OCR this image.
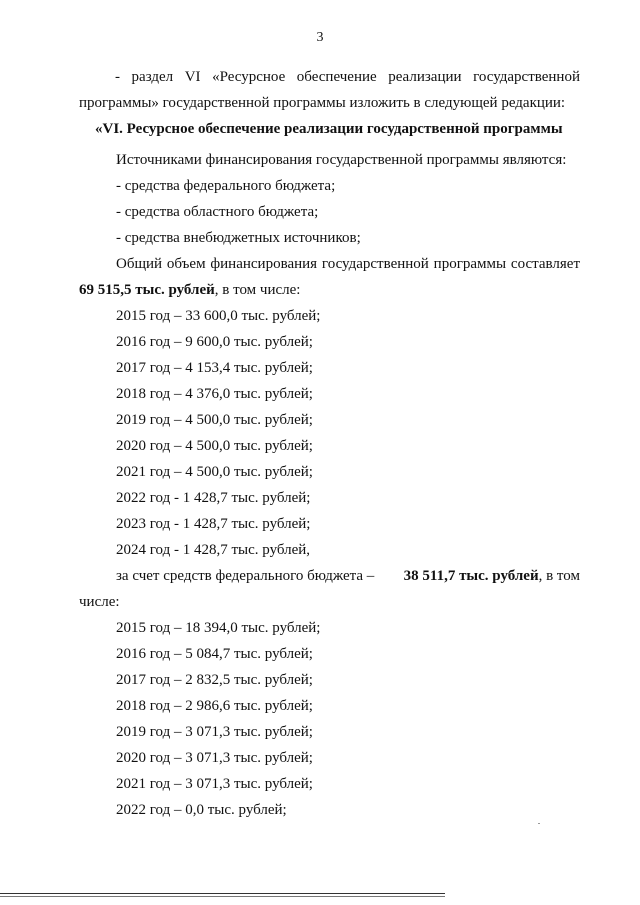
3
- раздел VI «Ресурсное обеспечение реализации государственной
программы» государственной программы изложить в следующей редакции:
«VI. Ресурсное обеспечение реализации государственной программы
Источниками финансирования государственной программы являются:
- средства федерального бюджета;
- средства областного бюджета;
- средства внебюджетных источников;
Общий объем финансирования государственной программы составляет
69 515,5 тыс. рублей, в том числе:
2015 год – 33 600,0 тыс. рублей;
2016 год – 9 600,0 тыс. рублей;
2017 год – 4 153,4 тыс. рублей;
2018 год – 4 376,0 тыс. рублей;
2019 год – 4 500,0 тыс. рублей;
2020 год – 4 500,0 тыс. рублей;
2021 год – 4 500,0 тыс. рублей;
2022 год - 1 428,7 тыс. рублей;
2023 год - 1 428,7 тыс. рублей;
2024 год - 1 428,7 тыс. рублей,
за счет средств федерального бюджета – 38 511,7 тыс. рублей, в том
числе:
2015 год – 18 394,0 тыс. рублей;
2016 год – 5 084,7 тыс. рублей;
2017 год – 2 832,5 тыс. рублей;
2018 год – 2 986,6 тыс. рублей;
2019 год – 3 071,3 тыс. рублей;
2020 год – 3 071,3 тыс. рублей;
2021 год – 3 071,3 тыс. рублей;
2022 год – 0,0 тыс. рублей;
